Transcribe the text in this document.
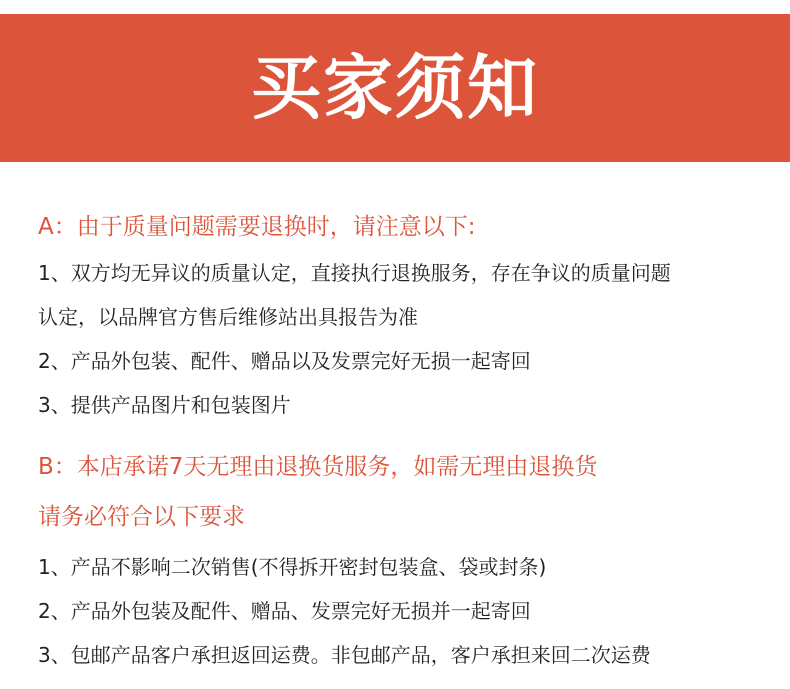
买家须知

A：由于质量问题需要退换时，请注意以下:

1、双方均无异议的质量认定，直接执行退换服务，存在争议的质量问题

认定，以品牌官方售后维修站出具报告为准

2、产品外包装、配件、赠品以及发票完好无损一起寄回

3、提供产品图片和包装图片

B：本店承诺7天无理由退换货服务，如需无理由退换货

请务必符合以下要求

1、产品不影响二次销售(不得拆开密封包装盒、袋或封条)

2、产品外包装及配件、赠品、发票完好无损并一起寄回

3、包邮产品客户承担返回运费。非包邮产品，客户承担来回二次运费
